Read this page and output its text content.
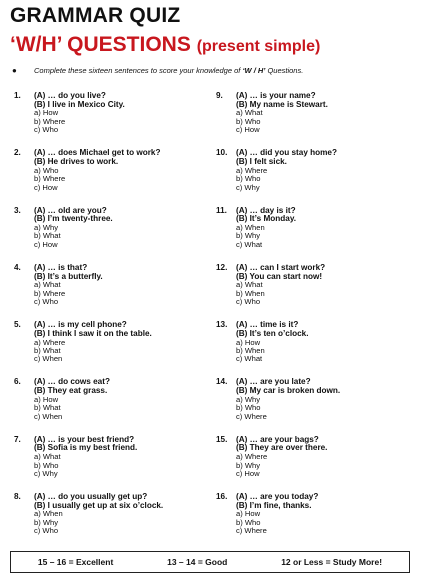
GRAMMAR QUIZ
‘W/H’ QUESTIONS (present simple)
● Complete these sixteen sentences to score your knowledge of ‘W / H’ Questions.
1.	(A) … do you live?
(B) I live in Mexico City.
a) How
b) Where
c) Who
2.	(A) … does Michael get to work?
(B) He drives to work.
a) Who
b) Where
c) How
3.	(A) … old are you?
(B) I’m twenty-three.
a) Why
b) What
c) How
4.	(A) … is that?
(B) It’s a butterfly.
a) What
b) Where
c) Who
5.	(A) … is my cell phone?
(B) I think I saw it on the table.
a) Where
b) What
c) When
6.	(A) … do cows eat?
(B) They eat grass.
a) How
b) What
c) When
7.	(A) … is your best friend?
(B) Sofia is my best friend.
a) What
b) Who
c) Why
8.	(A) … do you usually get up?
(B) I usually get up at six o’clock.
a) When
b) Why
c) Who
9.	(A) … is your name?
(B) My name is Stewart.
a) What
b) Who
c) How
10.	(A) … did you stay home?
(B) I felt sick.
a) Where
b) Who
c) Why
11.	(A) … day is it?
(B) It’s Monday.
a) When
b) Why
c) What
12.	(A) … can I start work?
(B) You can start now!
a) What
b) When
c) Who
13.	(A) … time is it?
(B) It’s ten o’clock.
a) How
b) When
c) What
14.	(A) … are you late?
(B) My car is broken down.
a) Why
b) Who
c) Where
15.	(A) … are your bags?
(B) They are over there.
a) Where
b) Why
c) How
16.	(A) … are you today?
(B) I’m fine, thanks.
a) How
b) Who
c) Where
15 – 16 = Excellent	13 – 14 = Good	12 or Less = Study More!
